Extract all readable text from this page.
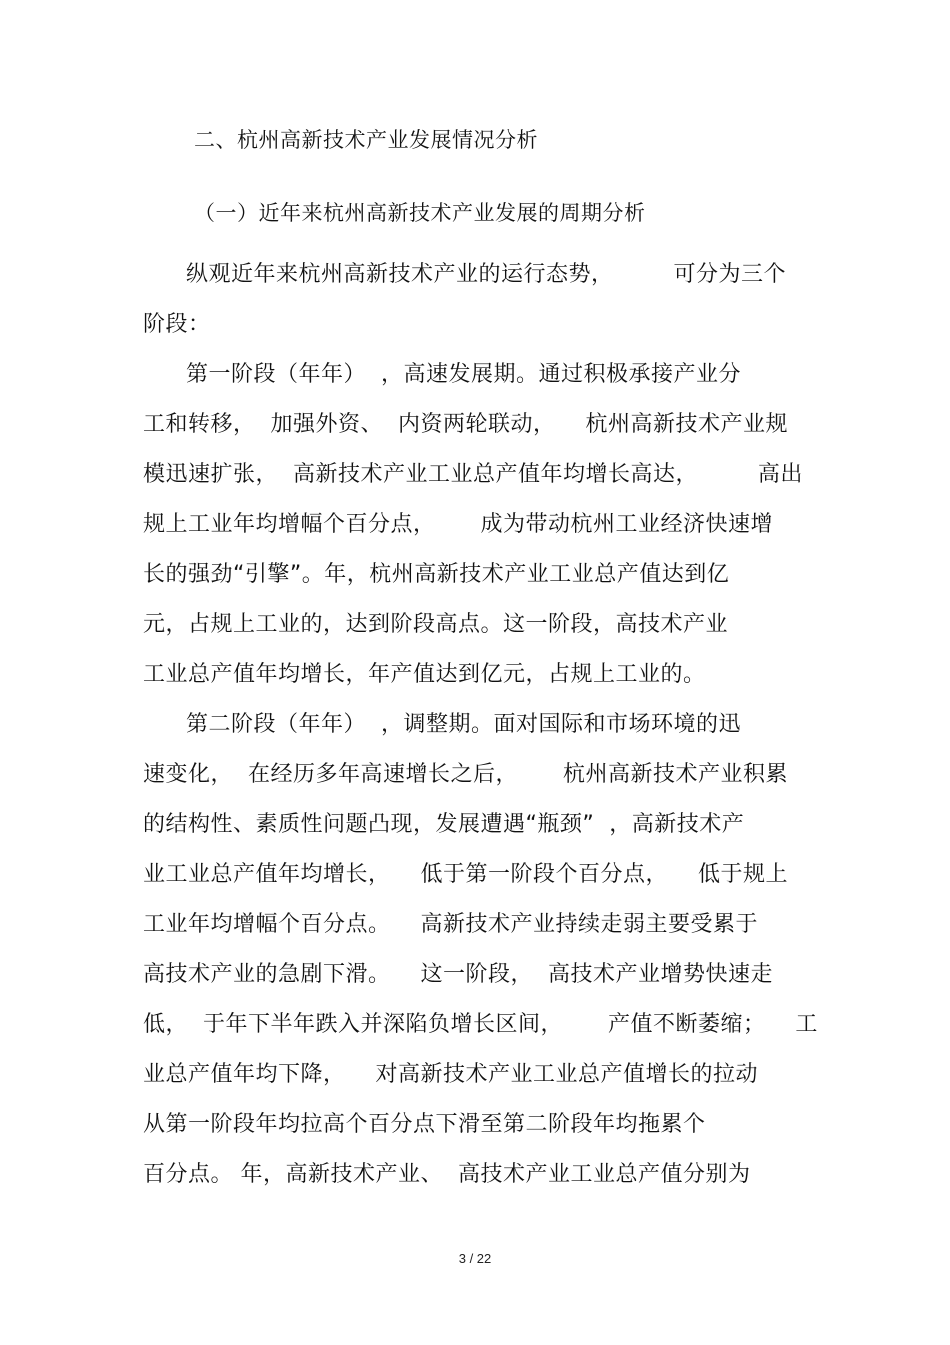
二、杭州高新技术产业发展情况分析
（一）近年来杭州高新技术产业发展的周期分析
纵观近年来杭州高新技术产业的运行态势，        可分为三个
阶段：
第一阶段（年年）  ，高速发展期。通过积极承接产业分
工和转移，  加强外资、  内资两轮联动，    杭州高新技术产业规
模迅速扩张，  高新技术产业工业总产值年均增长高达，        高出
规上工业年均增幅个百分点，      成为带动杭州工业经济快速增
长的强劲“引擎”。年，杭州高新技术产业工业总产值达到亿
元，占规上工业的，达到阶段高点。这一阶段，高技术产业
工业总产值年均增长，年产值达到亿元，占规上工业的。
第二阶段（年年）  ，调整期。面对国际和市场环境的迅
速变化，  在经历多年高速增长之后，      杭州高新技术产业积累
的结构性、素质性问题凸现，发展遭遇“瓶颈”  ，高新技术产
业工业总产值年均增长，    低于第一阶段个百分点，    低于规上
工业年均增幅个百分点。    高新技术产业持续走弱主要受累于
高技术产业的急剧下滑。    这一阶段，  高技术产业增势快速走
低，  于年下半年跌入并深陷负增长区间，      产值不断萎缩；    工
业总产值年均下降，    对高新技术产业工业总产值增长的拉动
从第一阶段年均拉高个百分点下滑至第二阶段年均拖累个
百分点。 年，高新技术产业、  高技术产业工业总产值分别为
3 / 22
